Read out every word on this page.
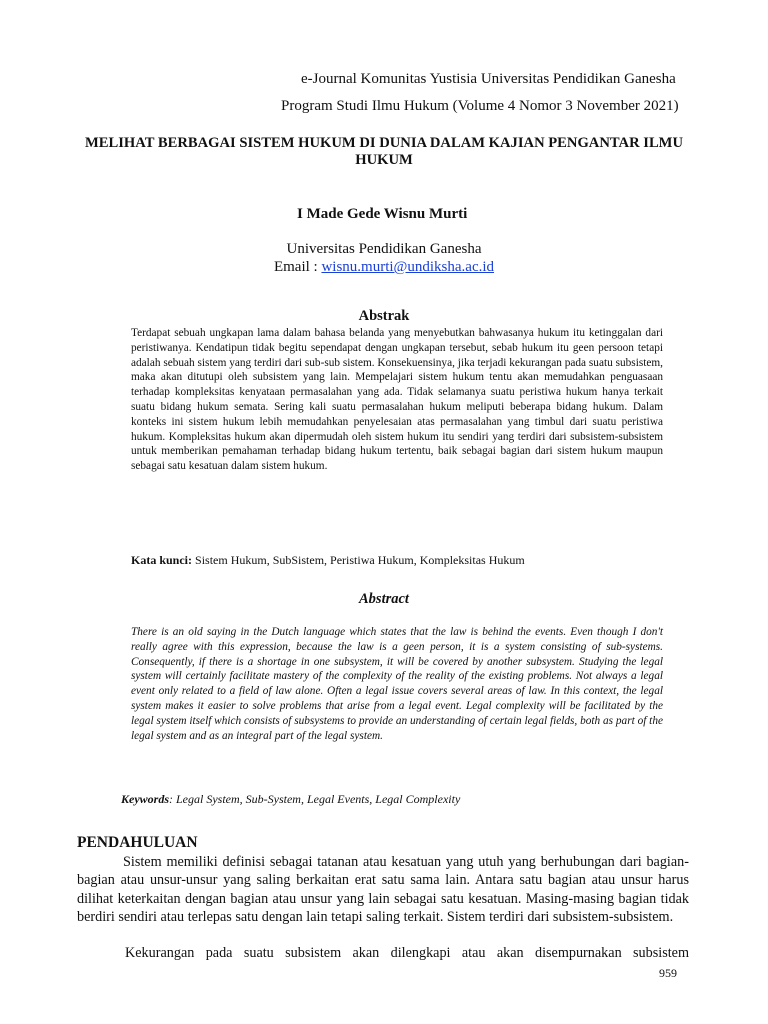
e-Journal Komunitas Yustisia Universitas Pendidikan Ganesha
Program Studi Ilmu Hukum (Volume 4 Nomor 3 November 2021)
MELIHAT BERBAGAI SISTEM HUKUM DI DUNIA DALAM KAJIAN PENGANTAR ILMU HUKUM
I Made Gede Wisnu Murti
Universitas Pendidikan Ganesha
Email : wisnu.murti@undiksha.ac.id
Abstrak
Terdapat sebuah ungkapan lama dalam bahasa belanda yang menyebutkan bahwasanya hukum itu ketinggalan dari peristiwanya. Kendatipun tidak begitu sependapat dengan ungkapan tersebut, sebab hukum itu geen persoon tetapi adalah sebuah sistem yang terdiri dari sub-sub sistem. Konsekuensinya, jika terjadi kekurangan pada suatu subsistem, maka akan ditutupi oleh subsistem yang lain. Mempelajari sistem hukum tentu akan memudahkan penguasaan terhadap kompleksitas kenyataan permasalahan yang ada. Tidak selamanya suatu peristiwa hukum hanya terkait suatu bidang hukum semata. Sering kali suatu permasalahan hukum meliputi beberapa bidang hukum. Dalam konteks ini sistem hukum lebih memudahkan penyelesaian atas permasalahan yang timbul dari suatu peristiwa hukum. Kompleksitas hukum akan dipermudah oleh sistem hukum itu sendiri yang terdiri dari subsistem-subsistem untuk memberikan pemahaman terhadap bidang hukum tertentu, baik sebagai bagian dari sistem hukum maupun sebagai satu kesatuan dalam sistem hukum.
Kata kunci: Sistem Hukum, SubSistem, Peristiwa Hukum, Kompleksitas Hukum
Abstract
There is an old saying in the Dutch language which states that the law is behind the events. Even though I don't really agree with this expression, because the law is a geen person, it is a system consisting of sub-systems. Consequently, if there is a shortage in one subsystem, it will be covered by another subsystem. Studying the legal system will certainly facilitate mastery of the complexity of the reality of the existing problems. Not always a legal event only related to a field of law alone. Often a legal issue covers several areas of law. In this context, the legal system makes it easier to solve problems that arise from a legal event. Legal complexity will be facilitated by the legal system itself which consists of subsystems to provide an understanding of certain legal fields, both as part of the legal system and as an integral part of the legal system.
Keywords: Legal System, Sub-System, Legal Events, Legal Complexity
PENDAHULUAN
Sistem memiliki definisi sebagai tatanan atau kesatuan yang utuh yang berhubungan dari bagian-bagian atau unsur-unsur yang saling berkaitan erat satu sama lain. Antara satu bagian atau unsur harus dilihat keterkaitan dengan bagian atau unsur yang lain sebagai satu kesatuan. Masing-masing bagian tidak berdiri sendiri atau terlepas satu dengan lain tetapi saling terkait. Sistem terdiri dari subsistem-subsistem.
Kekurangan pada suatu subsistem akan dilengkapi atau akan disempurnakan subsistem
959
